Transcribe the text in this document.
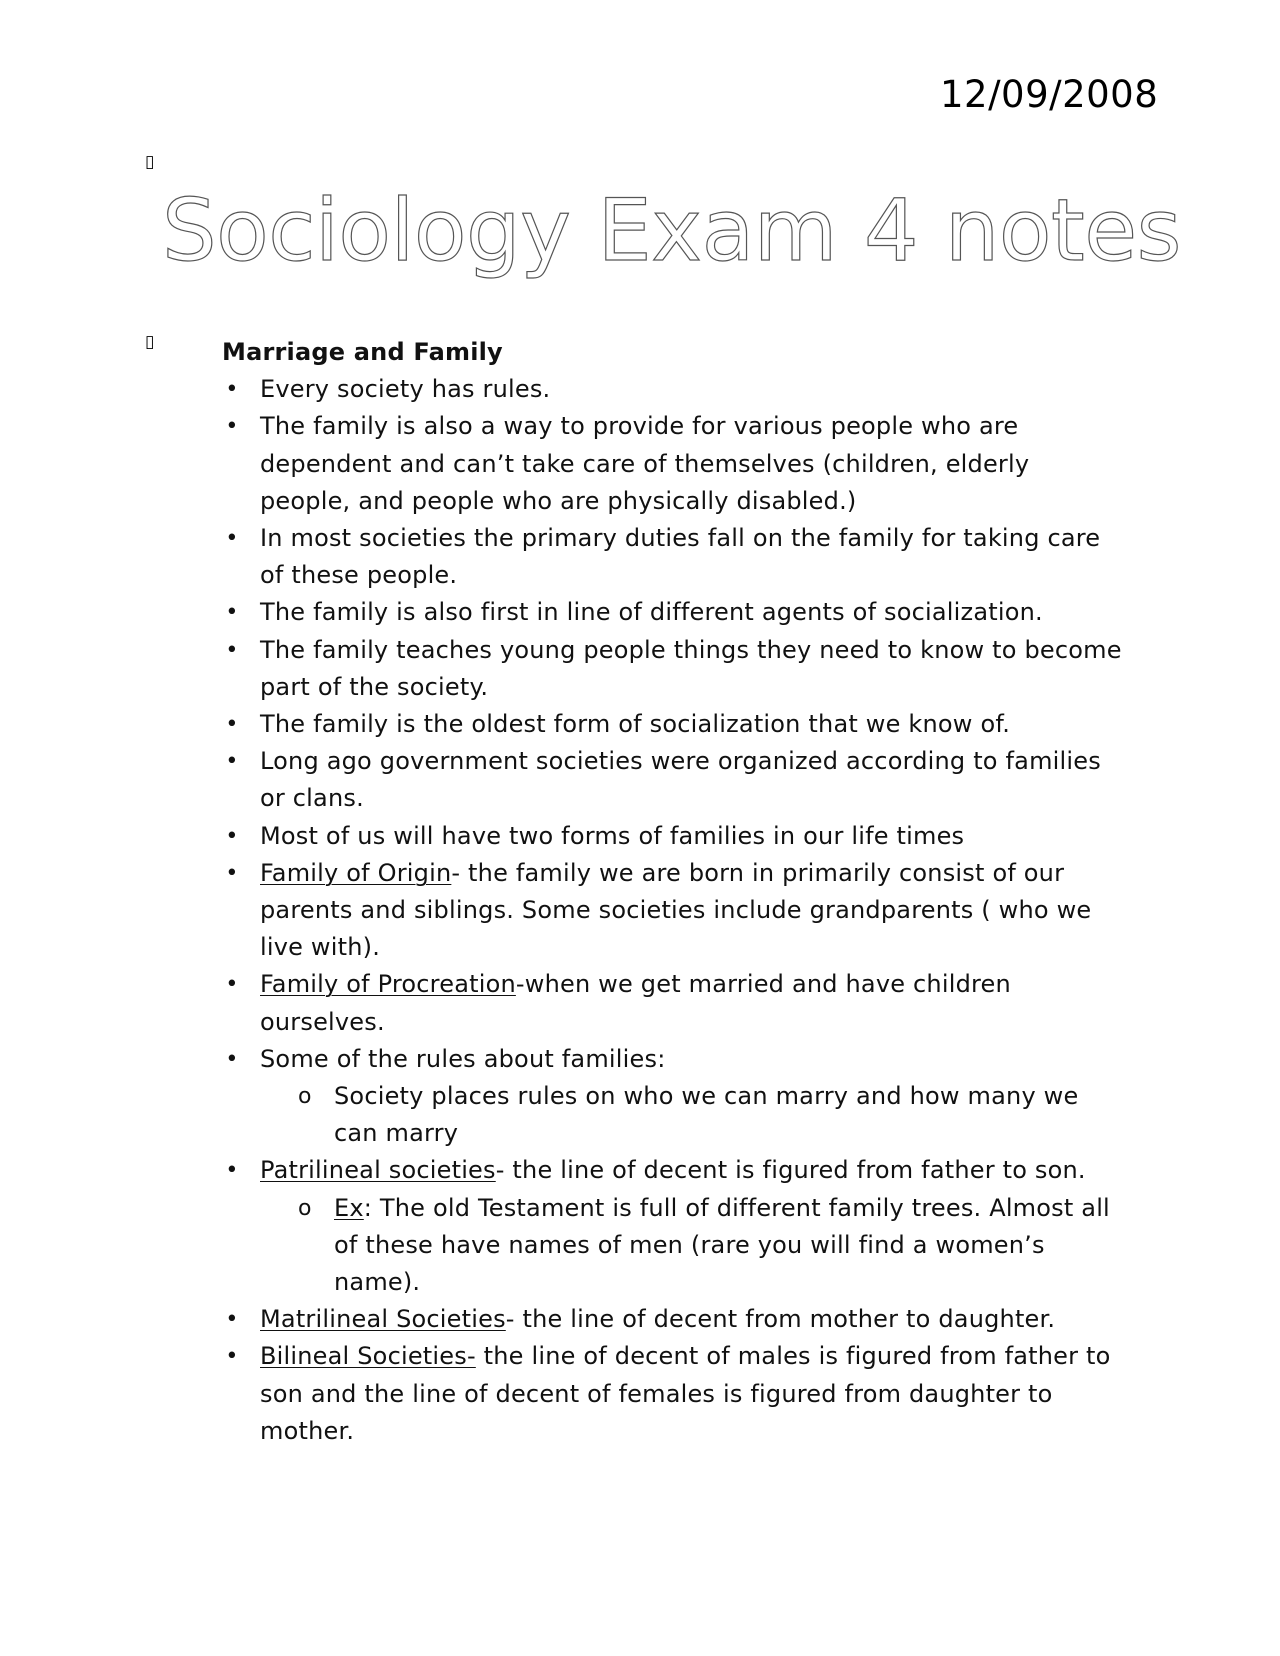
12/09/2008
▯
Sociology Exam 4 notes
▯	Marriage and Family
• Every society has rules.
• The family is also a way to provide for various people who are dependent and can’t take care of themselves (children, elderly people, and people who are physically disabled.)
• In most societies the primary duties fall on the family for taking care of these people.
• The family is also first in line of different agents of socialization.
• The family teaches young people things they need to know to become part of the society.
• The family is the oldest form of socialization that we know of.
• Long ago government societies were organized according to families or clans.
• Most of us will have two forms of families in our life times
• Family of Origin- the family we are born in primarily consist of our parents and siblings. Some societies include grandparents ( who we live with).
• Family of Procreation-when we get married and have children ourselves.
• Some of the rules about families:
o Society places rules on who we can marry and how many we can marry
• Patrilineal societies- the line of decent is figured from father to son.
o Ex: The old Testament is full of different family trees. Almost all of these have names of men (rare you will find a women’s name).
• Matrilineal Societies- the line of decent from mother to daughter.
• Bilineal Societies- the line of decent of males is figured from father to son and the line of decent of females is figured from daughter to mother.
